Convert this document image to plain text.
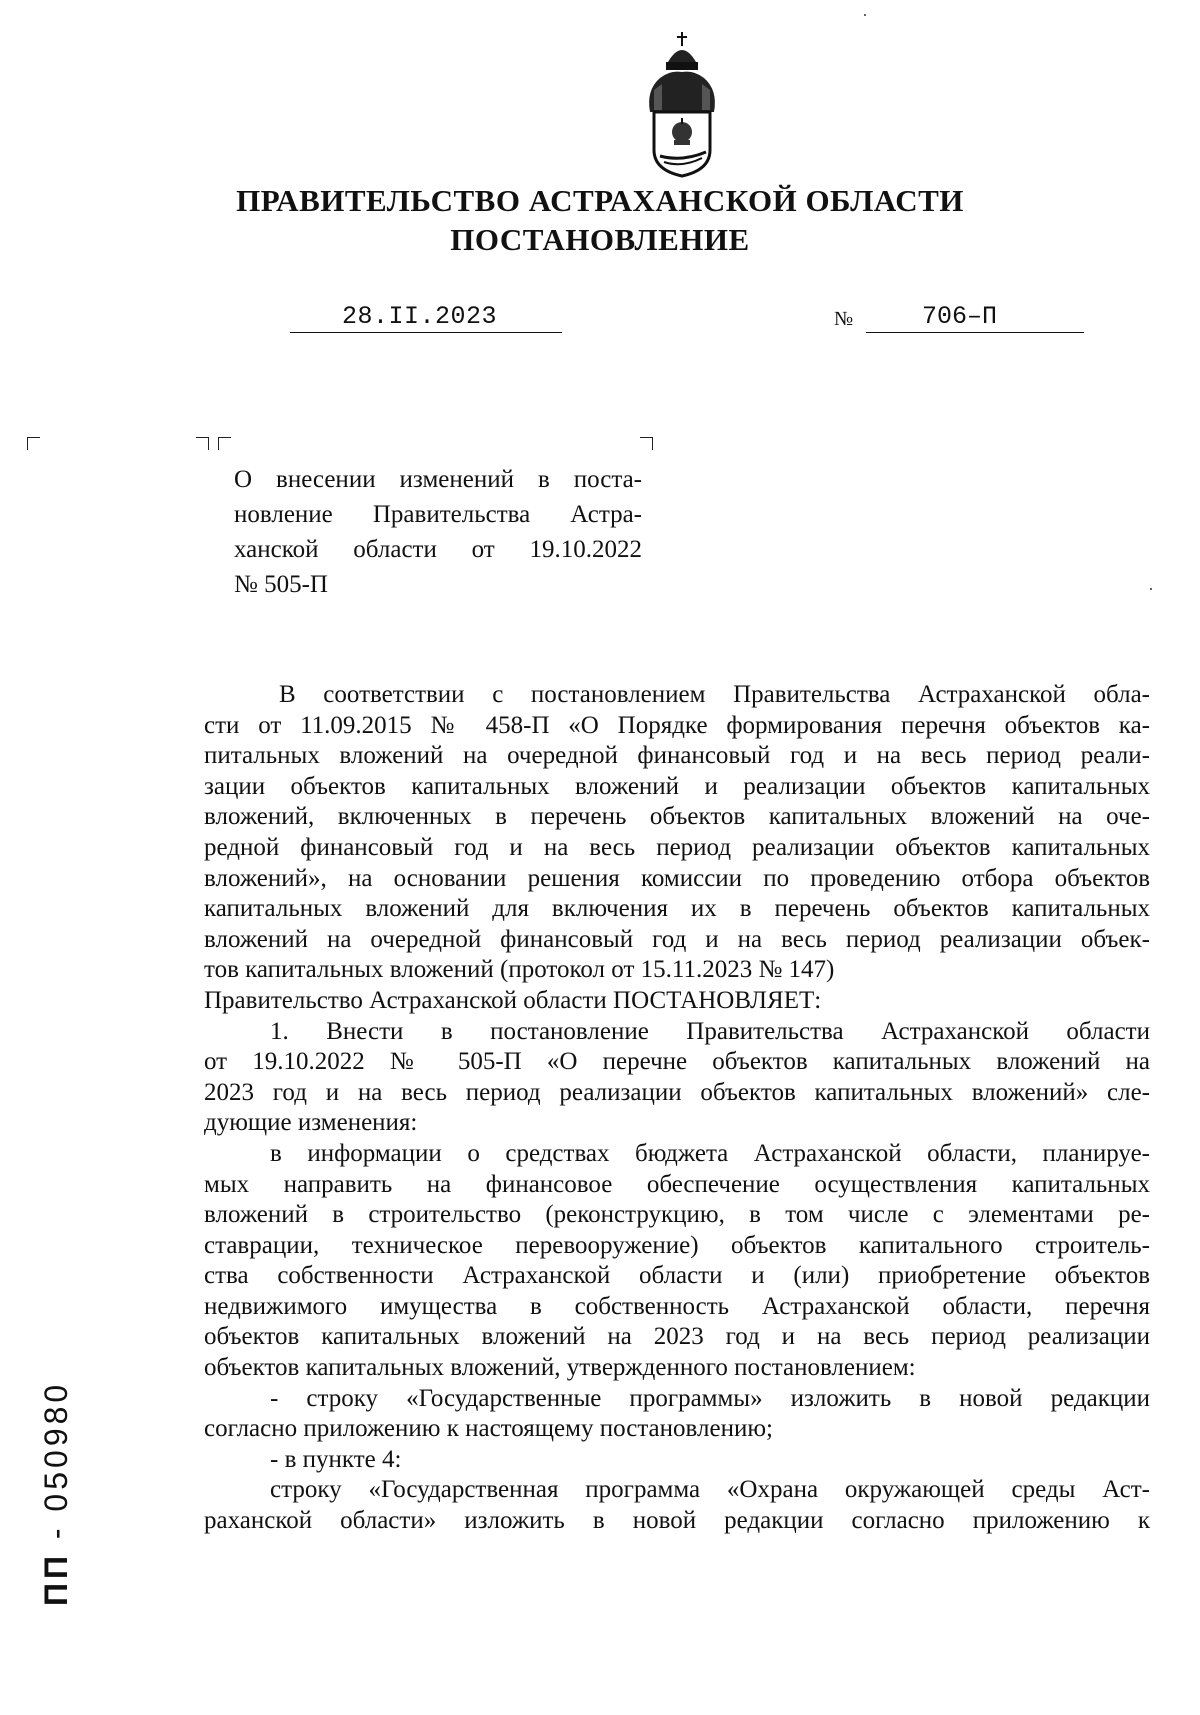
ПРАВИТЕЛЬСТВО АСТРАХАНСКОЙ ОБЛАСТИ
ПОСТАНОВЛЕНИЕ
28.II.2023	№	706–П
О внесении изменений в поста-
новление Правительства Астра-
ханской области от 19.10.2022
№ 505-П
В соответствии с постановлением Правительства Астраханской обла-
сти от 11.09.2015 № 458-П «О Порядке формирования перечня объектов ка-
питальных вложений на очередной финансовый год и на весь период реали-
зации объектов капитальных вложений и реализации объектов капитальных
вложений, включенных в перечень объектов капитальных вложений на оче-
редной финансовый год и на весь период реализации объектов капитальных
вложений», на основании решения комиссии по проведению отбора объектов
капитальных вложений для включения их в перечень объектов капитальных
вложений на очередной финансовый год и на весь период реализации объек-
тов капитальных вложений (протокол от 15.11.2023 № 147)
Правительство Астраханской области ПОСТАНОВЛЯЕТ:
1. Внести в постановление Правительства Астраханской области
от 19.10.2022 № 505-П «О перечне объектов капитальных вложений на
2023 год и на весь период реализации объектов капитальных вложений» сле-
дующие изменения:
в информации о средствах бюджета Астраханской области, планируе-
мых направить на финансовое обеспечение осуществления капитальных
вложений в строительство (реконструкцию, в том числе с элементами ре-
ставрации, техническое перевооружение) объектов капитального строитель-
ства собственности Астраханской области и (или) приобретение объектов
недвижимого имущества в собственность Астраханской области, перечня
объектов капитальных вложений на 2023 год и на весь период реализации
объектов капитальных вложений, утвержденного постановлением:
- строку «Государственные программы» изложить в новой редакции
согласно приложению к настоящему постановлению;
- в пункте 4:
строку «Государственная программа «Охрана окружающей среды Аст-
раханской области» изложить в новой редакции согласно приложению к
ПП - 050980
